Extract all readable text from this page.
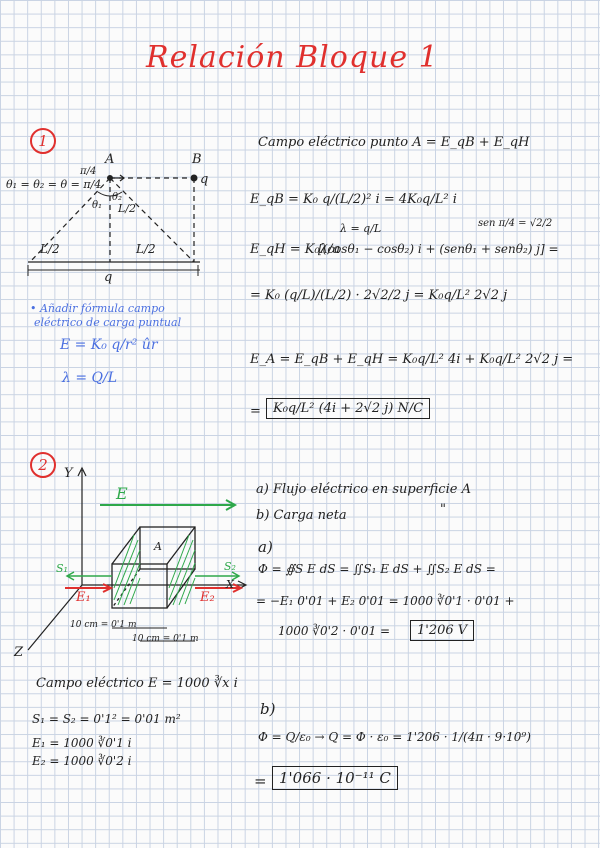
Relación Bloque 1
1
A	B
q
θ₁ = θ₂ = θ = π/4
π/4
θ₂
θ₁ L/2
L/2	L/2
q
• Añadir fórmula campo
eléctrico de carga puntual
E = K₀ q/r² ûr
λ = Q/L
Campo eléctrico punto A = E_qB + E_qH
E_qB = K₀ q/(L/2)² i = 4K₀q/L² i
E_qH = K₀λ/a
λ = q/L	sen π/4 = √2/2
[(cosθ₁ − cosθ₂) i + (senθ₁ + senθ₂) j] =
= K₀ (q/L)/(L/2) · 2√2/2 j = K₀q/L² 2√2 j
E_A = E_qB + E_qH = K₀q/L² 4i + K₀q/L² 2√2 j =
= K₀q/L² (4i + 2√2 j) N/C
2	Y
X
Z
E
A
S₁	S₂
E₁	E₂
10 cm = 0'1 m
10 cm = 0'1 m
Campo eléctrico E = 1000 ∛x i
S₁ = S₂ = 0'1² = 0'01 m²
E₁ = 1000 ∛0'1 i
E₂ = 1000 ∛0'2 i
a) Flujo eléctrico en superficie A
b) Carga neta	"
a)
Φ = ∯S E dS = ∬S₁ E dS + ∬S₂ E dS =
= −E₁ 0'01 + E₂ 0'01 = 1000 ∛0'1 · 0'01 +
1000 ∛0'2 · 0'01 =	1'206 V
b)
Φ = Q/ε₀ → Q = Φ · ε₀ = 1'206 · 1/(4π · 9·10⁹)
= 1'066 · 10⁻¹¹ C
